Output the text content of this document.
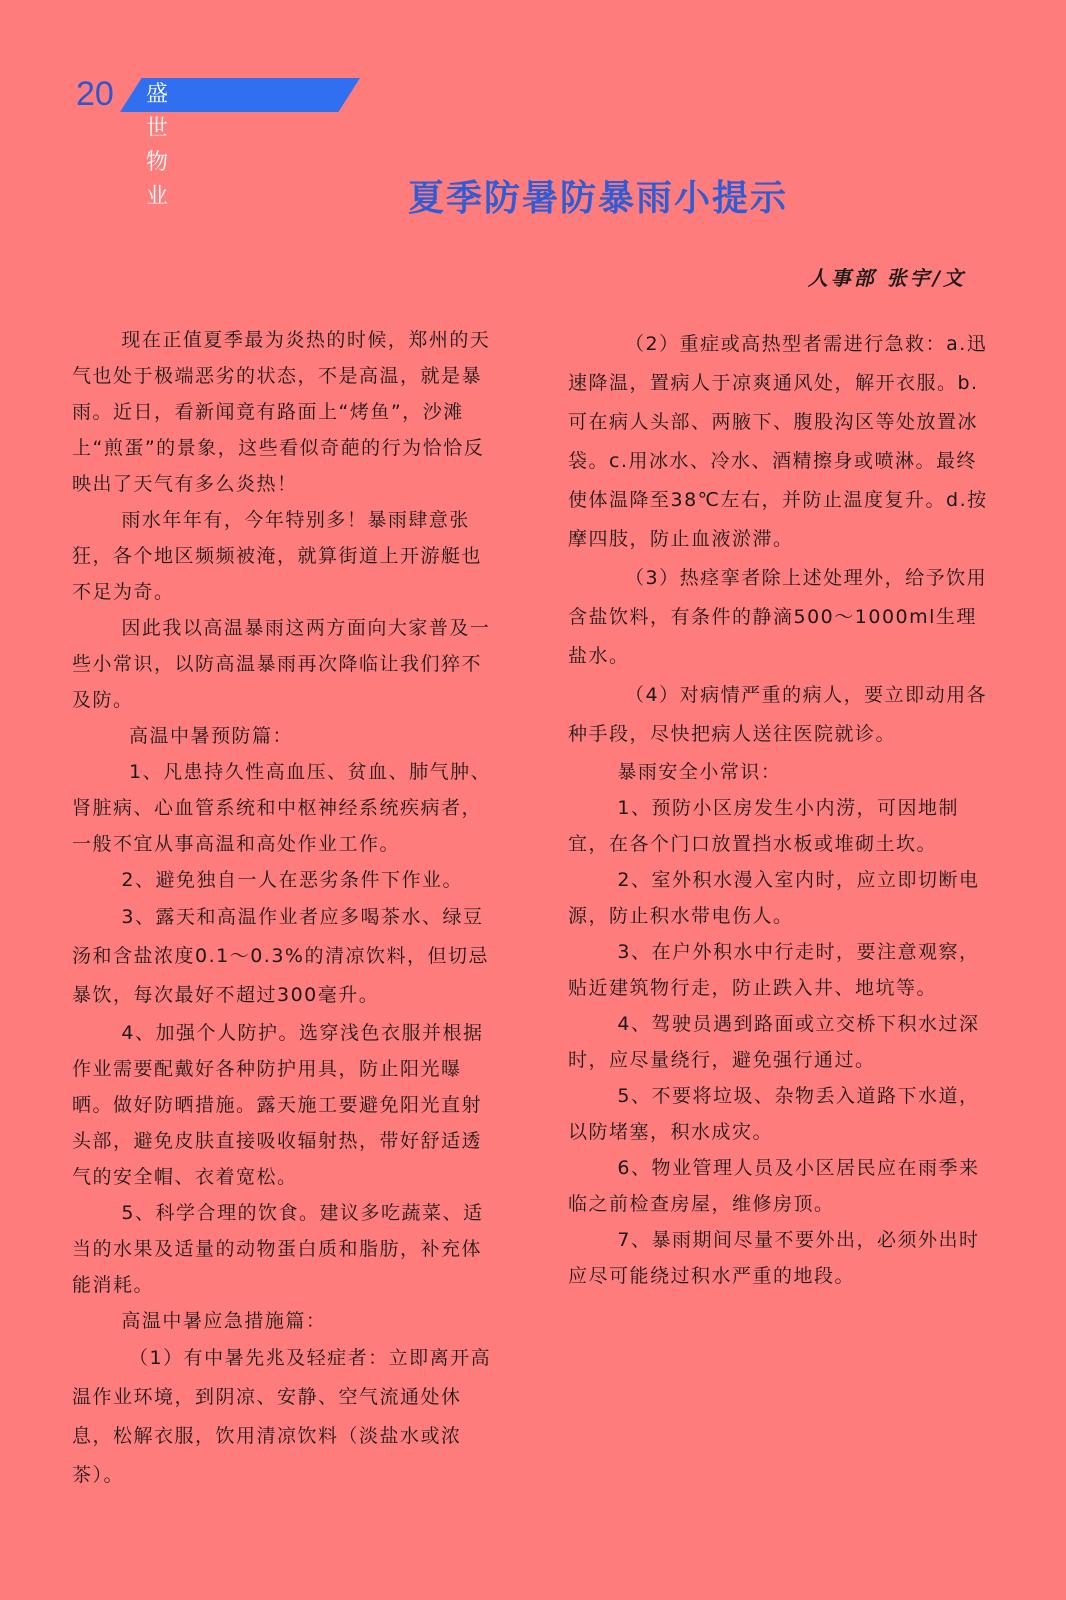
20 盛世物业	夏季防暑防暴雨小提示
人事部 张宇/文

现在正值夏季最为炎热的时候，郑州的天气也处于极端恶劣的状态，不是高温，就是暴雨。近日，看新闻竟有路面上“烤鱼”，沙滩上“煎蛋”的景象，这些看似奇葩的行为恰恰反映出了天气有多么炎热！

雨水年年有，今年特别多！暴雨肆意张狂，各个地区频频被淹，就算街道上开游艇也不足为奇。

因此我以高温暴雨这两方面向大家普及一些小常识，以防高温暴雨再次降临让我们猝不及防。

高温中暑预防篇：

1、凡患持久性高血压、贫血、肺气肿、肾脏病、心血管系统和中枢神经系统疾病者，一般不宜从事高温和高处作业工作。

2、避免独自一人在恶劣条件下作业。

3、露天和高温作业者应多喝茶水、绿豆汤和含盐浓度0.1～0.3%的清凉饮料，但切忌暴饮，每次最好不超过300毫升。

4、加强个人防护。选穿浅色衣服并根据作业需要配戴好各种防护用具，防止阳光曝晒。做好防晒措施。露天施工要避免阳光直射头部，避免皮肤直接吸收辐射热，带好舒适透气的安全帽、衣着宽松。

5、科学合理的饮食。建议多吃蔬菜、适当的水果及适量的动物蛋白质和脂肪，补充体能消耗。

高温中暑应急措施篇：

（1）有中暑先兆及轻症者：立即离开高温作业环境，到阴凉、安静、空气流通处休息，松解衣服，饮用清凉饮料（淡盐水或浓茶）。

（2）重症或高热型者需进行急救：a.迅速降温，置病人于凉爽通风处，解开衣服。b.可在病人头部、两腋下、腹股沟区等处放置冰袋。c.用冰水、冷水、酒精擦身或喷淋。最终使体温降至38℃左右，并防止温度复升。d.按摩四肢，防止血液淤滞。

（3）热痉挛者除上述处理外，给予饮用含盐饮料，有条件的静滴500～1000ml生理盐水。

（4）对病情严重的病人，要立即动用各种手段，尽快把病人送往医院就诊。

暴雨安全小常识：

1、预防小区房发生小内涝，可因地制宜，在各个门口放置挡水板或堆砌土坎。

2、室外积水漫入室内时，应立即切断电源，防止积水带电伤人。

3、在户外积水中行走时，要注意观察，贴近建筑物行走，防止跌入井、地坑等。

4、驾驶员遇到路面或立交桥下积水过深时，应尽量绕行，避免强行通过。

5、不要将垃圾、杂物丢入道路下水道，以防堵塞，积水成灾。

6、物业管理人员及小区居民应在雨季来临之前检查房屋，维修房顶。

7、暴雨期间尽量不要外出，必须外出时应尽可能绕过积水严重的地段。
